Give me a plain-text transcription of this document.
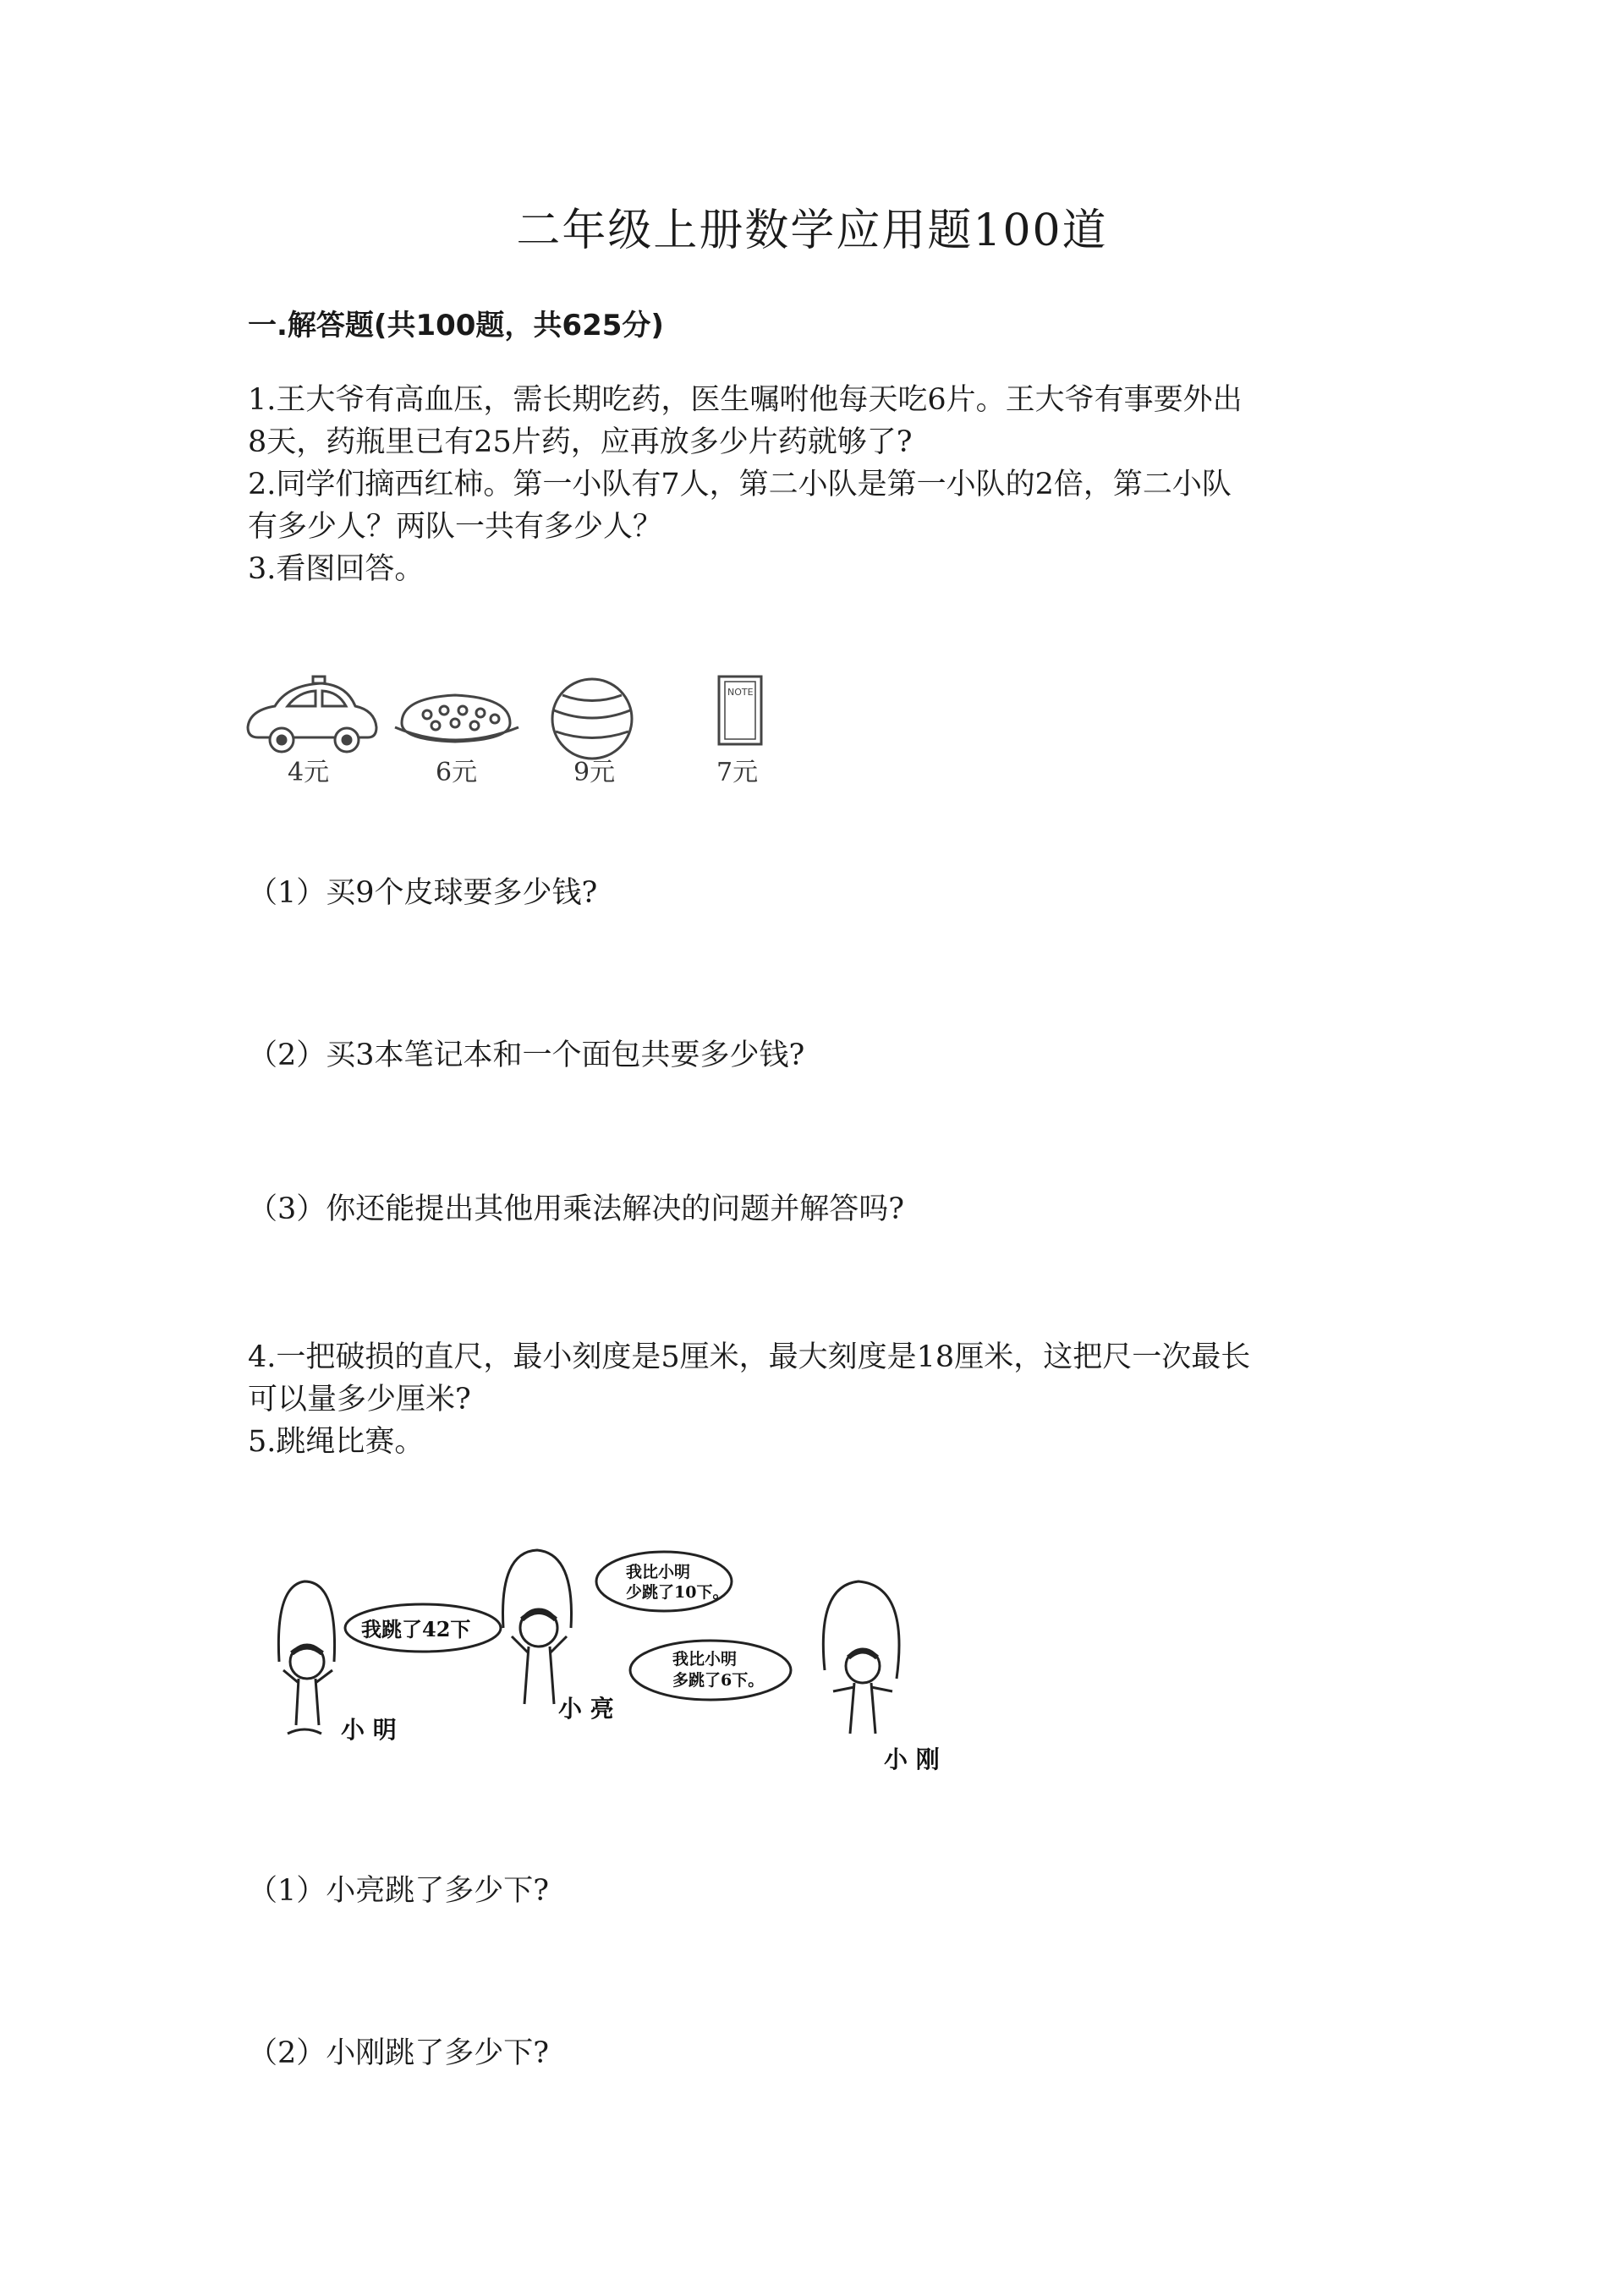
二年级上册数学应用题100道
一.解答题(共100题，共625分)
1.王大爷有高血压，需长期吃药，医生嘱咐他每天吃6片。王大爷有事要外出
8天，药瓶里已有25片药，应再放多少片药就够了?
2.同学们摘西红柿。第一小队有7人，第二小队是第一小队的2倍，第二小队
有多少人？两队一共有多少人？
3.看图回答。
4元	6元	9元
NOTE
7元
（1）买9个皮球要多少钱?
（2）买3本笔记本和一个面包共要多少钱?
（3）你还能提出其他用乘法解决的问题并解答吗?
4.一把破损的直尺，最小刻度是5厘米，最大刻度是18厘米，这把尺一次最长
可以量多少厘米?
5.跳绳比赛。
我跳了42下
我比小明
少跳了10下。
我比小明
多跳了6下。
小 明
小 亮
小 刚
（1）小亮跳了多少下?
（2）小刚跳了多少下?
